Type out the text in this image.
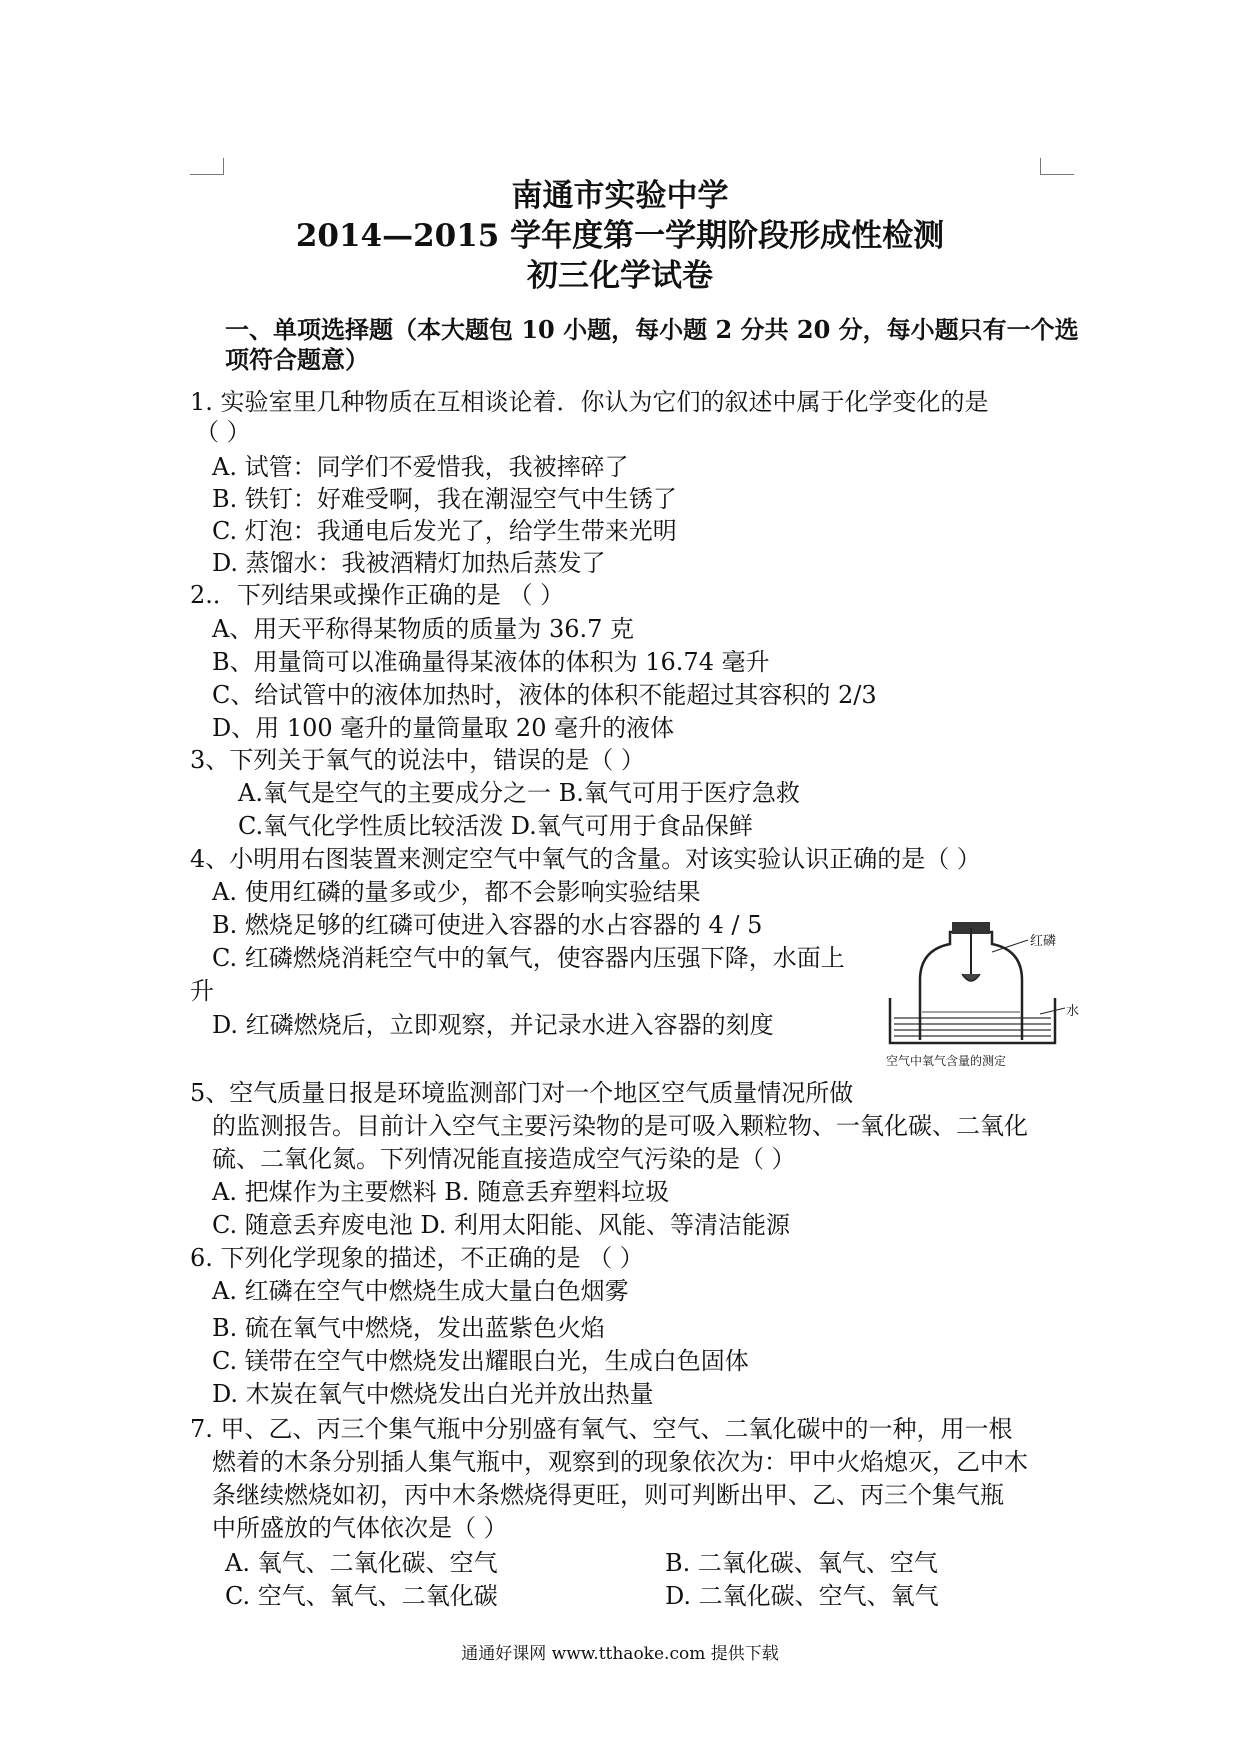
南通市实验中学
2014—2015 学年度第一学期阶段形成性检测
初三化学试卷
一、单项选择题（本大题包 10 小题，每小题 2 分共 20 分，每小题只有一个选
项符合题意）
1. 实验室里几种物质在互相谈论着．你认为它们的叙述中属于化学变化的是
（ ）
A. 试管：同学们不爱惜我，我被摔碎了
B. 铁钉：好难受啊，我在潮湿空气中生锈了
C. 灯泡：我通电后发光了，给学生带来光明
D. 蒸馏水：我被酒精灯加热后蒸发了
2.．下列结果或操作正确的是 （ ）
A、用天平称得某物质的质量为 36.7 克
B、用量筒可以准确量得某液体的体积为 16.74 毫升
C、给试管中的液体加热时，液体的体积不能超过其容积的 2/3
D、用 100 毫升的量筒量取 20 毫升的液体
3、下列关于氧气的说法中，错误的是（ ）
A.氧气是空气的主要成分之一 B.氧气可用于医疗急救
C.氧气化学性质比较活泼 D.氧气可用于食品保鲜
4、小明用右图装置来测定空气中氧气的含量。对该实验认识正确的是（ ）
A. 使用红磷的量多或少，都不会影响实验结果
B. 燃烧足够的红磷可使进入容器的水占容器的 4 / 5
C. 红磷燃烧消耗空气中的氧气，使容器内压强下降，水面上
升
D. 红磷燃烧后，立即观察，并记录水进入容器的刻度
红磷
水
空气中氧气含量的测定
5、空气质量日报是环境监测部门对一个地区空气质量情况所做
的监测报告。目前计入空气主要污染物的是可吸入颗粒物、一氧化碳、二氧化
硫、二氧化氮。下列情况能直接造成空气污染的是（ ）
A. 把煤作为主要燃料 B. 随意丢弃塑料垃圾
C. 随意丢弃废电池 D. 利用太阳能、风能、等清洁能源
6. 下列化学现象的描述，不正确的是 （ ）
A. 红磷在空气中燃烧生成大量白色烟雾
B. 硫在氧气中燃烧，发出蓝紫色火焰
C. 镁带在空气中燃烧发出耀眼白光，生成白色固体
D. 木炭在氧气中燃烧发出白光并放出热量
7. 甲、乙、丙三个集气瓶中分别盛有氧气、空气、二氧化碳中的一种，用一根
燃着的木条分别插人集气瓶中，观察到的现象依次为：甲中火焰熄灭，乙中木
条继续燃烧如初，丙中木条燃烧得更旺，则可判断出甲、乙、丙三个集气瓶
中所盛放的气体依次是（ ）
A. 氧气、二氧化碳、空气	B. 二氧化碳、氧气、空气
C. 空气、氧气、二氧化碳	D. 二氧化碳、空气、氧气
通通好课网 www.tthaoke.com 提供下载
